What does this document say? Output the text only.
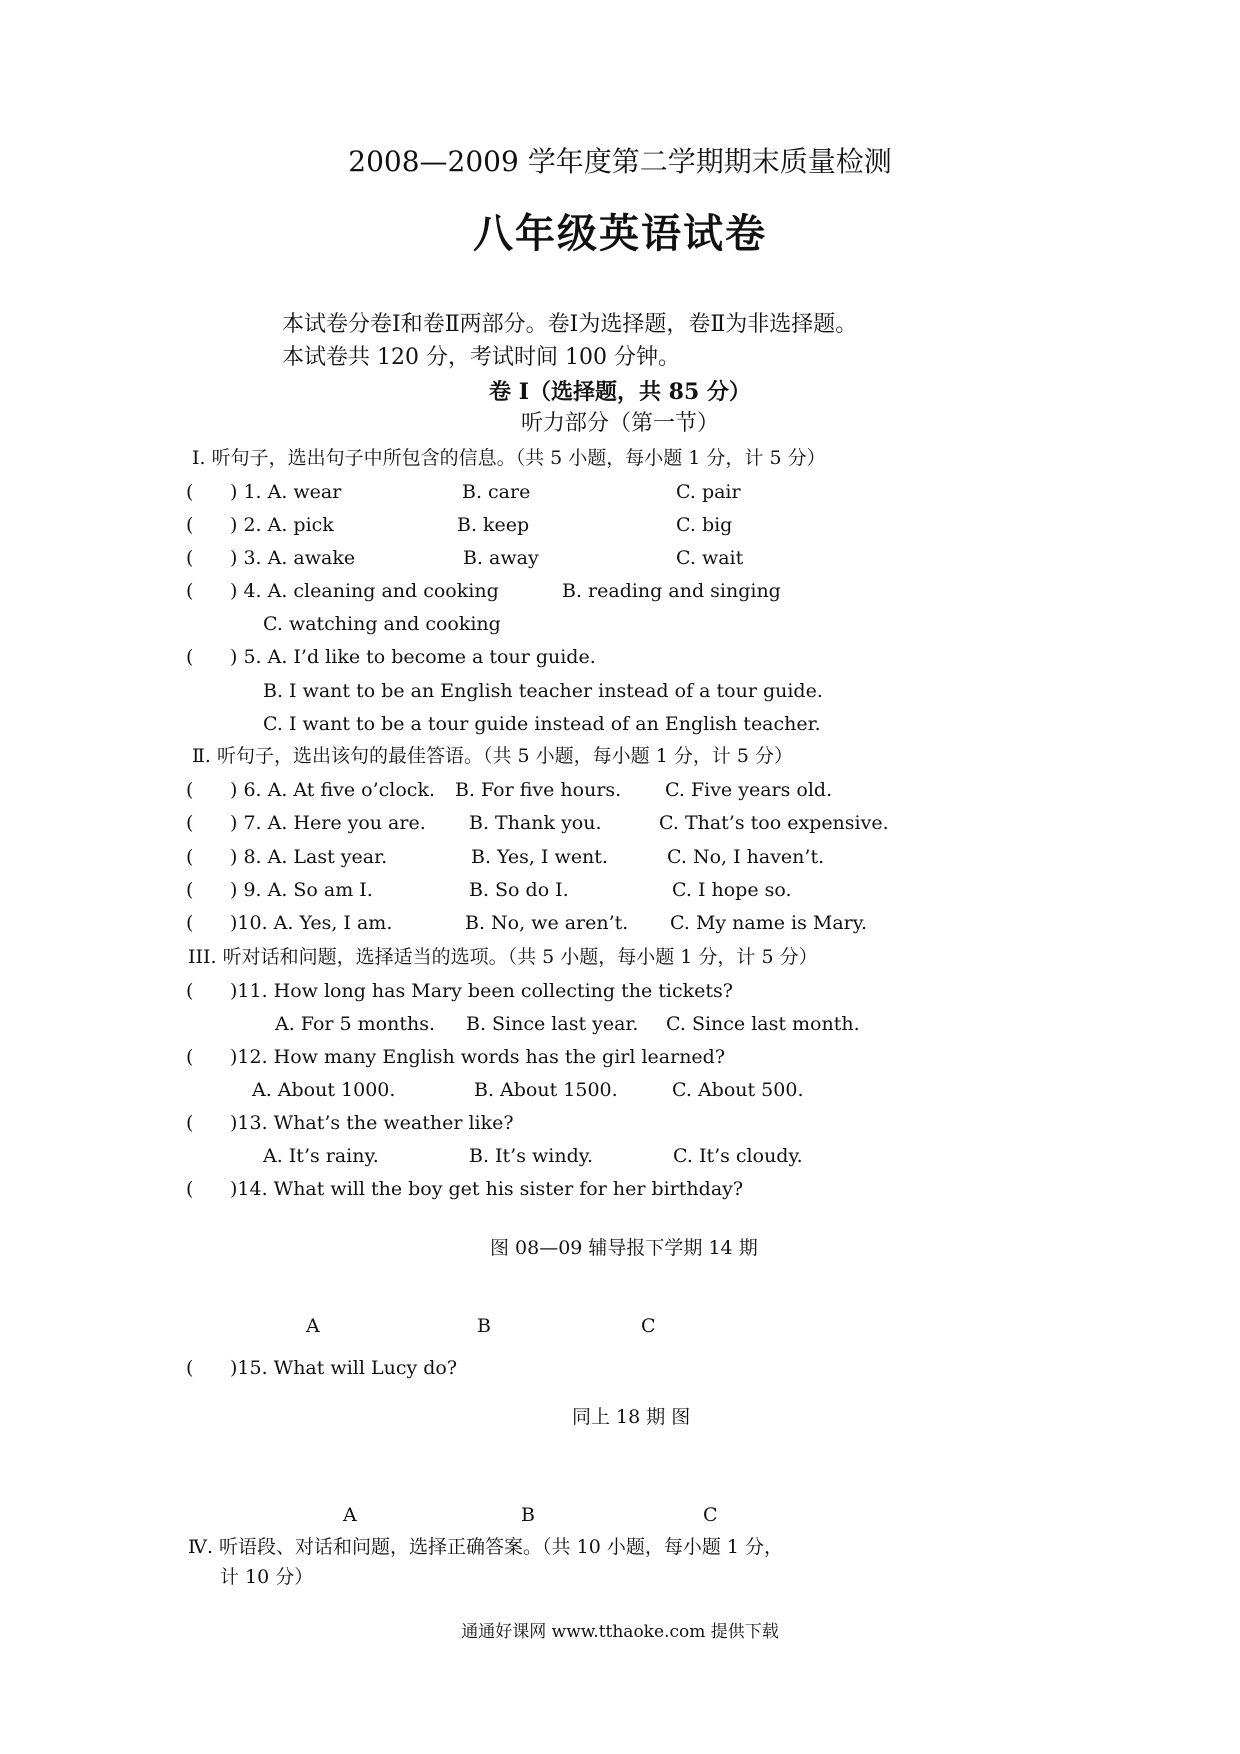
2008—2009 学年度第二学期期末质量检测
八年级英语试卷
本试卷分卷Ⅰ和卷Ⅱ两部分。卷Ⅰ为选择题，卷Ⅱ为非选择题。
本试卷共 120 分，考试时间 100 分钟。
卷 I（选择题，共 85 分）
听力部分（第一节）
Ⅰ. 听句子，选出句子中所包含的信息。（共 5 小题，每小题 1 分，计 5 分）
( ) 1. A. wear	B. care	C. pair
( ) 2. A. pick	B. keep	C. big
( ) 3. A. awake	B. away	C. wait
( ) 4. A. cleaning and cooking	B. reading and singing
C. watching and cooking
( ) 5. A. I’d like to become a tour guide.
B. I want to be an English teacher instead of a tour guide.
C. I want to be a tour guide instead of an English teacher.
Ⅱ. 听句子，选出该句的最佳答语。（共 5 小题，每小题 1 分，计 5 分）
( ) 6. A. At five o’clock. B. For five hours. C. Five years old.
( ) 7. A. Here you are. B. Thank you.	C. That’s too expensive.
( ) 8. A. Last year.	B. Yes, I went.	C. No, I haven’t.
( ) 9. A. So am I.	B. So do I.	C. I hope so.
( )10. A. Yes, I am.	B. No, we aren’t. C. My name is Mary.
III. 听对话和问题，选择适当的选项。（共 5 小题，每小题 1 分，计 5 分）
( )11. How long has Mary been collecting the tickets?
A. For 5 months. B. Since last year. C. Since last month.
( )12. How many English words has the girl learned?
A. About 1000.	B. About 1500.	C. About 500.
( )13. What’s the weather like?
A. It’s rainy.	B. It’s windy.	C. It’s cloudy.
( )14. What will the boy get his sister for her birthday?
图 08—09 辅导报下学期 14 期
A	B	C
( )15. What will Lucy do?
同上 18 期 图
A	B	C
Ⅳ. 听语段、对话和问题，选择正确答案。（共 10 小题，每小题 1 分，
计 10 分）
通通好课网 www.tthaoke.com 提供下载
